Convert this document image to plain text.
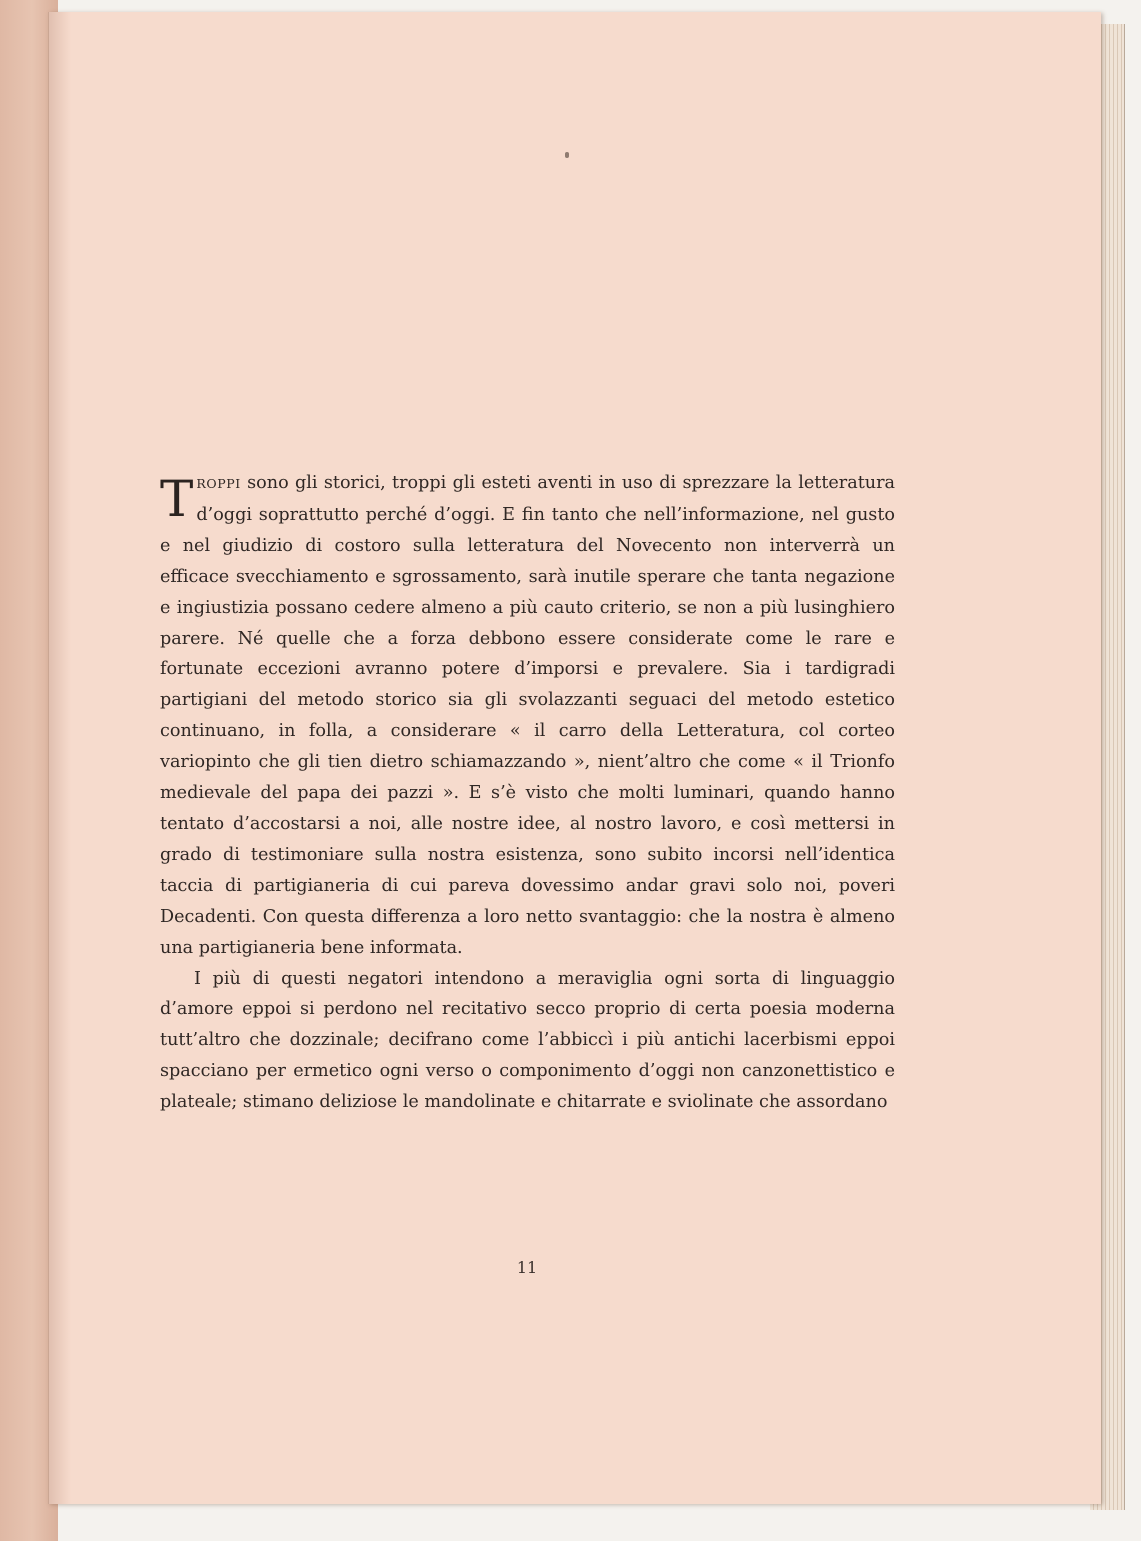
TROPPI sono gli storici, troppi gli esteti aventi in uso di sprezzare la letteratura d’oggi soprattutto perché d’oggi. E fin tanto che nell’informazione, nel gusto e nel giudizio di costoro sulla letteratura del Novecento non interverrà un efficace svecchiamento e sgrossamento, sarà inutile sperare che tanta negazione e ingiustizia possano cedere almeno a più cauto criterio, se non a più lusinghiero parere. Né quelle che a forza debbono essere considerate come le rare e fortunate eccezioni avranno potere d’imporsi e prevalere. Sia i tardigradi partigiani del metodo storico sia gli svolazzanti seguaci del metodo estetico continuano, in folla, a considerare « il carro della Letteratura, col corteo variopinto che gli tien dietro schiamazzando », nient’altro che come « il Trionfo medievale del papa dei pazzi ». E s’è visto che molti luminari, quando hanno tentato d’accostarsi a noi, alle nostre idee, al nostro lavoro, e così mettersi in grado di testimoniare sulla nostra esistenza, sono subito incorsi nell’identica taccia di partigianeria di cui pareva dovessimo andar gravi solo noi, poveri Decadenti. Con questa differenza a loro netto svantaggio: che la nostra è almeno una partigianeria bene informata.

I più di questi negatori intendono a meraviglia ogni sorta di linguaggio d’amore eppoi si perdono nel recitativo secco proprio di certa poesia moderna tutt’altro che dozzinale; decifrano come l’abbiccì i più antichi lacerbismi eppoi spacciano per ermetico ogni verso o componimento d’oggi non canzonettistico e plateale; stimano deliziose le mandolinate e chitarrate e sviolinate che assordano

11
